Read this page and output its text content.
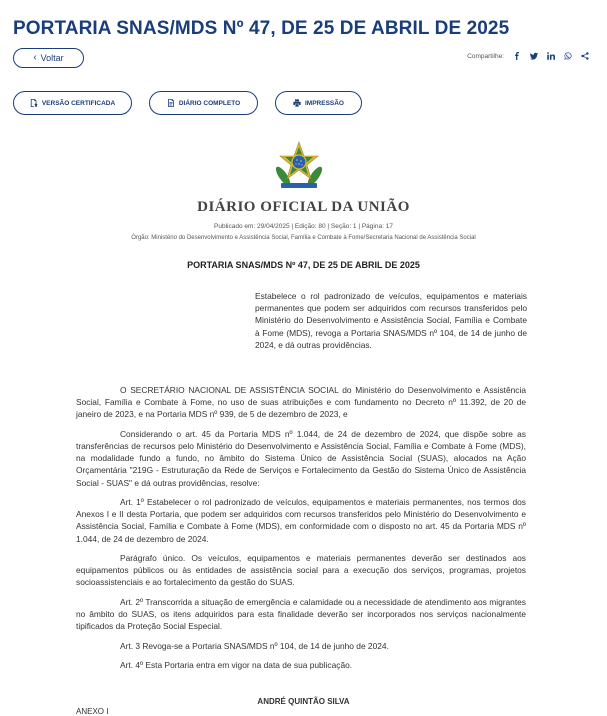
PORTARIA SNAS/MDS Nº 47, DE 25 DE ABRIL DE 2025
‹ Voltar	Compartilhe:
VERSÃO CERTIFICADA	DIÁRIO COMPLETO	IMPRESSÃO
DIÁRIO OFICIAL DA UNIÃO
Publicado em: 29/04/2025 | Edição: 80 | Seção: 1 | Página: 17
Órgão: Ministério do Desenvolvimento e Assistência Social, Família e Combate à Fome/Secretaria Nacional de Assistência Social
PORTARIA SNAS/MDS Nº 47, DE 25 DE ABRIL DE 2025
Estabelece o rol padronizado de veículos, equipamentos e materiais permanentes que podem ser adquiridos com recursos transferidos pelo Ministério do Desenvolvimento e Assistência Social, Família e Combate à Fome (MDS), revoga a Portaria SNAS/MDS nº 104, de 14 de junho de 2024, e dá outras providências.

O SECRETÁRIO NACIONAL DE ASSISTÊNCIA SOCIAL do Ministério do Desenvolvimento e Assistência Social, Família e Combate à Fome, no uso de suas atribuições e com fundamento no Decreto nº 11.392, de 20 de janeiro de 2023, e na Portaria MDS nº 939, de 5 de dezembro de 2023, e

Considerando o art. 45 da Portaria MDS nº 1.044, de 24 de dezembro de 2024, que dispõe sobre as transferências de recursos pelo Ministério do Desenvolvimento e Assistência Social, Família e Combate à Fome (MDS), na modalidade fundo a fundo, no âmbito do Sistema Único de Assistência Social (SUAS), alocados na Ação Orçamentária "219G - Estruturação da Rede de Serviços e Fortalecimento da Gestão do Sistema Único de Assistência Social - SUAS" e dá outras providências, resolve:

Art. 1º Estabelecer o rol padronizado de veículos, equipamentos e materiais permanentes, nos termos dos Anexos I e II desta Portaria, que podem ser adquiridos com recursos transferidos pelo Ministério do Desenvolvimento e Assistência Social, Família e Combate à Fome (MDS), em conformidade com o disposto no art. 45 da Portaria MDS nº 1.044, de 24 de dezembro de 2024.

Parágrafo único. Os veículos, equipamentos e materiais permanentes deverão ser destinados aos equipamentos públicos ou às entidades de assistência social para a execução dos serviços, programas, projetos socioassistenciais e ao fortalecimento da gestão do SUAS.

Art. 2º Transcorrida a situação de emergência e calamidade ou a necessidade de atendimento aos migrantes no âmbito do SUAS, os itens adquiridos para esta finalidade deverão ser incorporados nos serviços nacionalmente tipificados da Proteção Social Especial.

Art. 3 Revoga-se a Portaria SNAS/MDS nº 104, de 14 de junho de 2024.

Art. 4º Esta Portaria entra em vigor na data de sua publicação.

ANDRÉ QUINTÃO SILVA
ANEXO I
